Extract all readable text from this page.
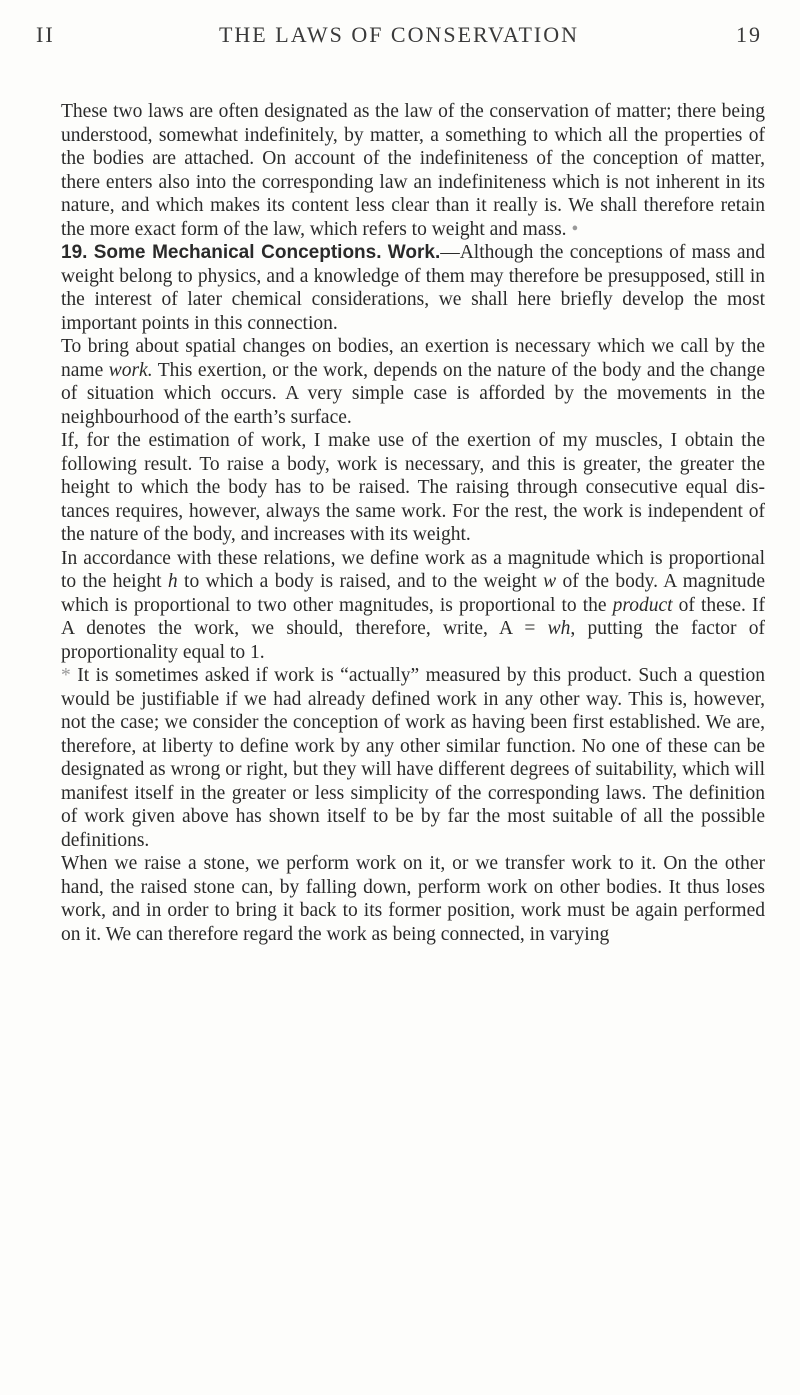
II	THE LAWS OF CONSERVATION	19

These two laws are often designated as the law of the conservation of matter; there being understood, somewhat indefinitely, by matter, a something to which all the properties of the bodies are attached. On account of the indefiniteness of the conception of matter, there enters also into the corresponding law an indefiniteness which is not inherent in its nature, and which makes its content less clear than it really is. We shall therefore retain the more exact form of the law, which refers to weight and mass. •

19. Some Mechanical Conceptions. Work.—Although the conceptions of mass and weight belong to physics, and a knowledge of them may therefore be presupposed, still in the interest of later chemical considerations, we shall here briefly develop the most important points in this connection.

To bring about spatial changes on bodies, an exertion is necessary which we call by the name work. This exertion, or the work, depends on the nature of the body and the change of situation which occurs. A very simple case is afforded by the movements in the neighbourhood of the earth’s surface.

If, for the estimation of work, I make use of the exertion of my muscles, I obtain the following result. To raise a body, work is necessary, and this is greater, the greater the height to which the body has to be raised. The raising through consecutive equal dis-tances requires, however, always the same work. For the rest, the work is independent of the nature of the body, and increases with its weight.

In accordance with these relations, we define work as a magnitude which is proportional to the height h to which a body is raised, and to the weight w of the body. A magnitude which is proportional to two other magnitudes, is proportional to the product of these. If A denotes the work, we should, therefore, write, A = wh, putting the factor of proportionality equal to 1.

* It is sometimes asked if work is “actually” measured by this product. Such a question would be justifiable if we had already defined work in any other way. This is, however, not the case; we consider the conception of work as having been first established. We are, therefore, at liberty to define work by any other similar function. No one of these can be designated as wrong or right, but they will have different degrees of suitability, which will manifest itself in the greater or less simplicity of the corresponding laws. The definition of work given above has shown itself to be by far the most suitable of all the possible definitions.

When we raise a stone, we perform work on it, or we transfer work to it. On the other hand, the raised stone can, by falling down, perform work on other bodies. It thus loses work, and in order to bring it back to its former position, work must be again performed on it. We can therefore regard the work as being connected, in varying
